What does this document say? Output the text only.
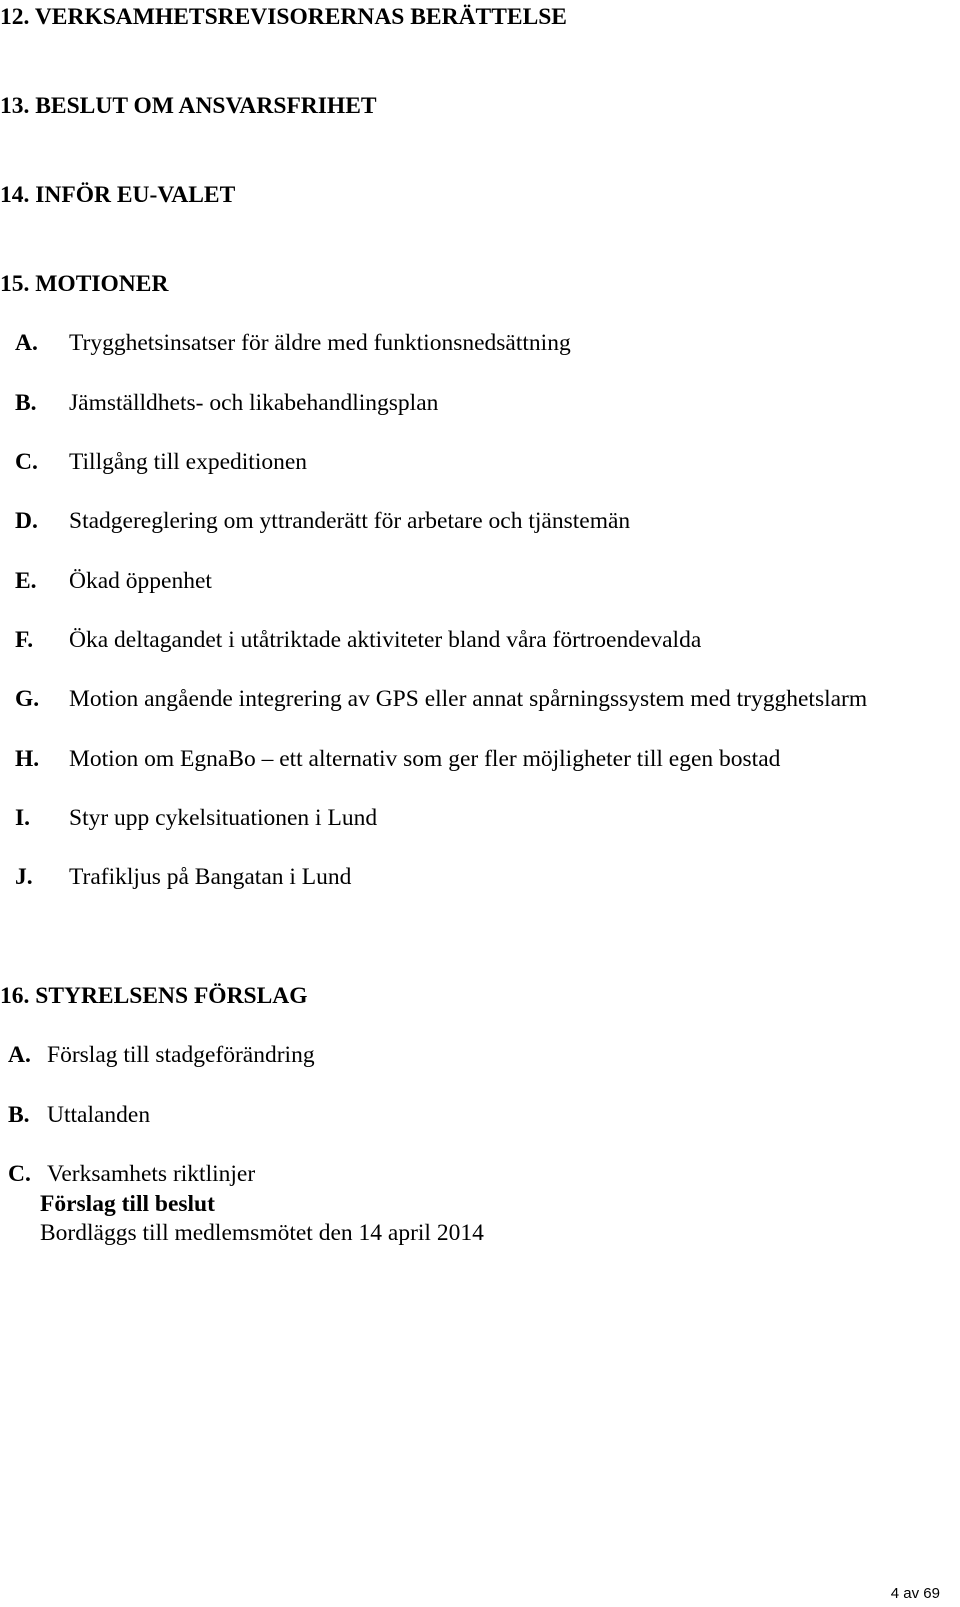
12. VERKSAMHETSREVISORERNAS BERÄTTELSE
13. BESLUT OM ANSVARSFRIHET
14. INFÖR EU-VALET
15. MOTIONER
A. Trygghetsinsatser för äldre med funktionsnedsättning
B. Jämställdhets- och likabehandlingsplan
C. Tillgång till expeditionen
D. Stadgereglering om yttranderätt för arbetare och tjänstemän
E. Ökad öppenhet
F. Öka deltagandet i utåtriktade aktiviteter bland våra förtroendevalda
G. Motion angående integrering av GPS eller annat spårningssystem med trygghetslarm
H. Motion om EgnaBo – ett alternativ som ger fler möjligheter till egen bostad
I. Styr upp cykelsituationen i Lund
J. Trafikljus på Bangatan i Lund
16. STYRELSENS FÖRSLAG
A. Förslag till stadgeförändring
B. Uttalanden
C. Verksamhets riktlinjer
Förslag till beslut
Bordläggs till medlemsmötet den 14 april 2014
4 av 69
